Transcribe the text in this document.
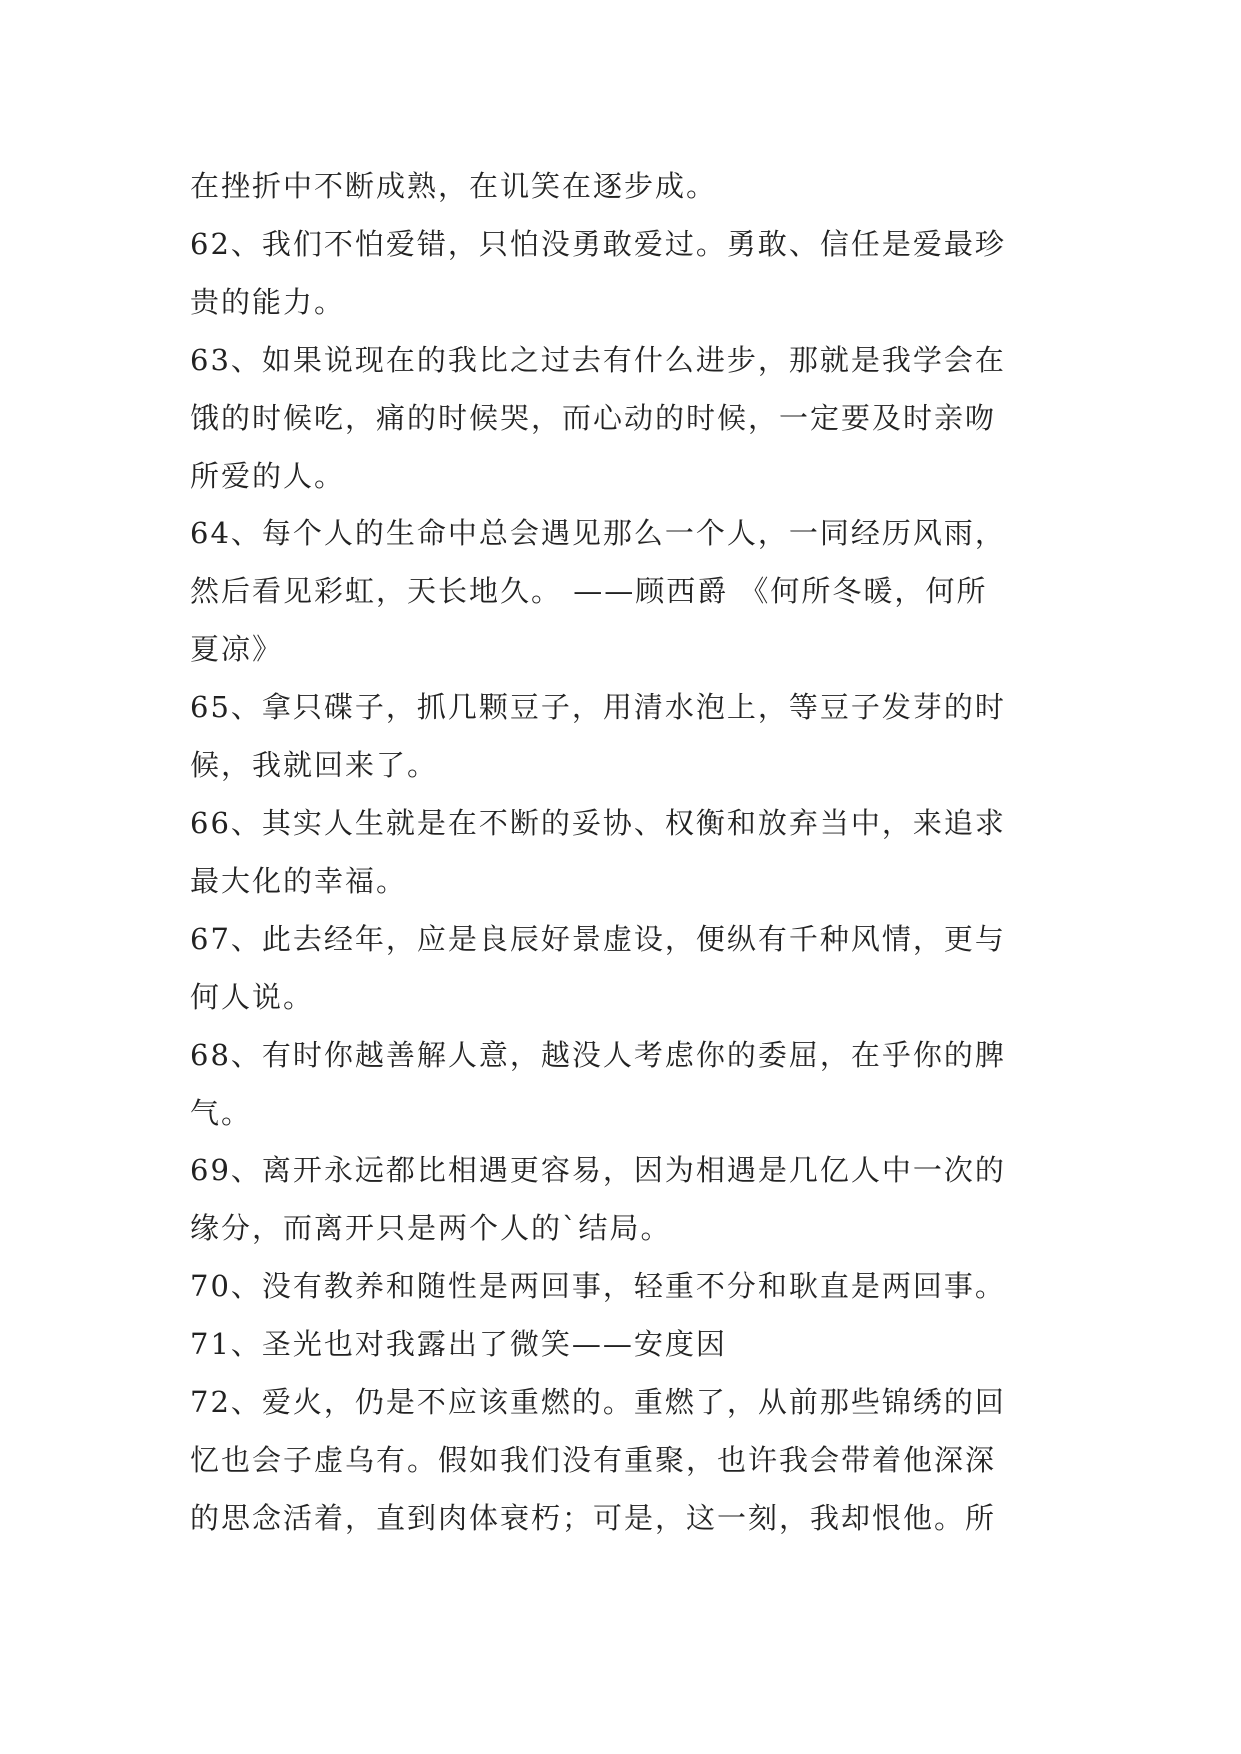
在挫折中不断成熟，在讥笑在逐步成。

62、我们不怕爱错，只怕没勇敢爱过。勇敢、信任是爱最珍
贵的能力。

63、如果说现在的我比之过去有什么进步，那就是我学会在
饿的时候吃，痛的时候哭，而心动的时候，一定要及时亲吻
所爱的人。

64、每个人的生命中总会遇见那么一个人，一同经历风雨，
然后看见彩虹，天长地久。 ——顾西爵 《何所冬暖，何所
夏凉》

65、拿只碟子，抓几颗豆子，用清水泡上，等豆子发芽的时
候，我就回来了。

66、其实人生就是在不断的妥协、权衡和放弃当中，来追求
最大化的幸福。

67、此去经年，应是良辰好景虚设，便纵有千种风情，更与
何人说。

68、有时你越善解人意，越没人考虑你的委屈，在乎你的脾
气。

69、离开永远都比相遇更容易，因为相遇是几亿人中一次的
缘分，而离开只是两个人的`结局。

70、没有教养和随性是两回事，轻重不分和耿直是两回事。

71、圣光也对我露出了微笑——安度因

72、爱火，仍是不应该重燃的。重燃了，从前那些锦绣的回
忆也会子虚乌有。假如我们没有重聚，也许我会带着他深深
的思念活着，直到肉体衰朽；可是，这一刻，我却恨他。所
